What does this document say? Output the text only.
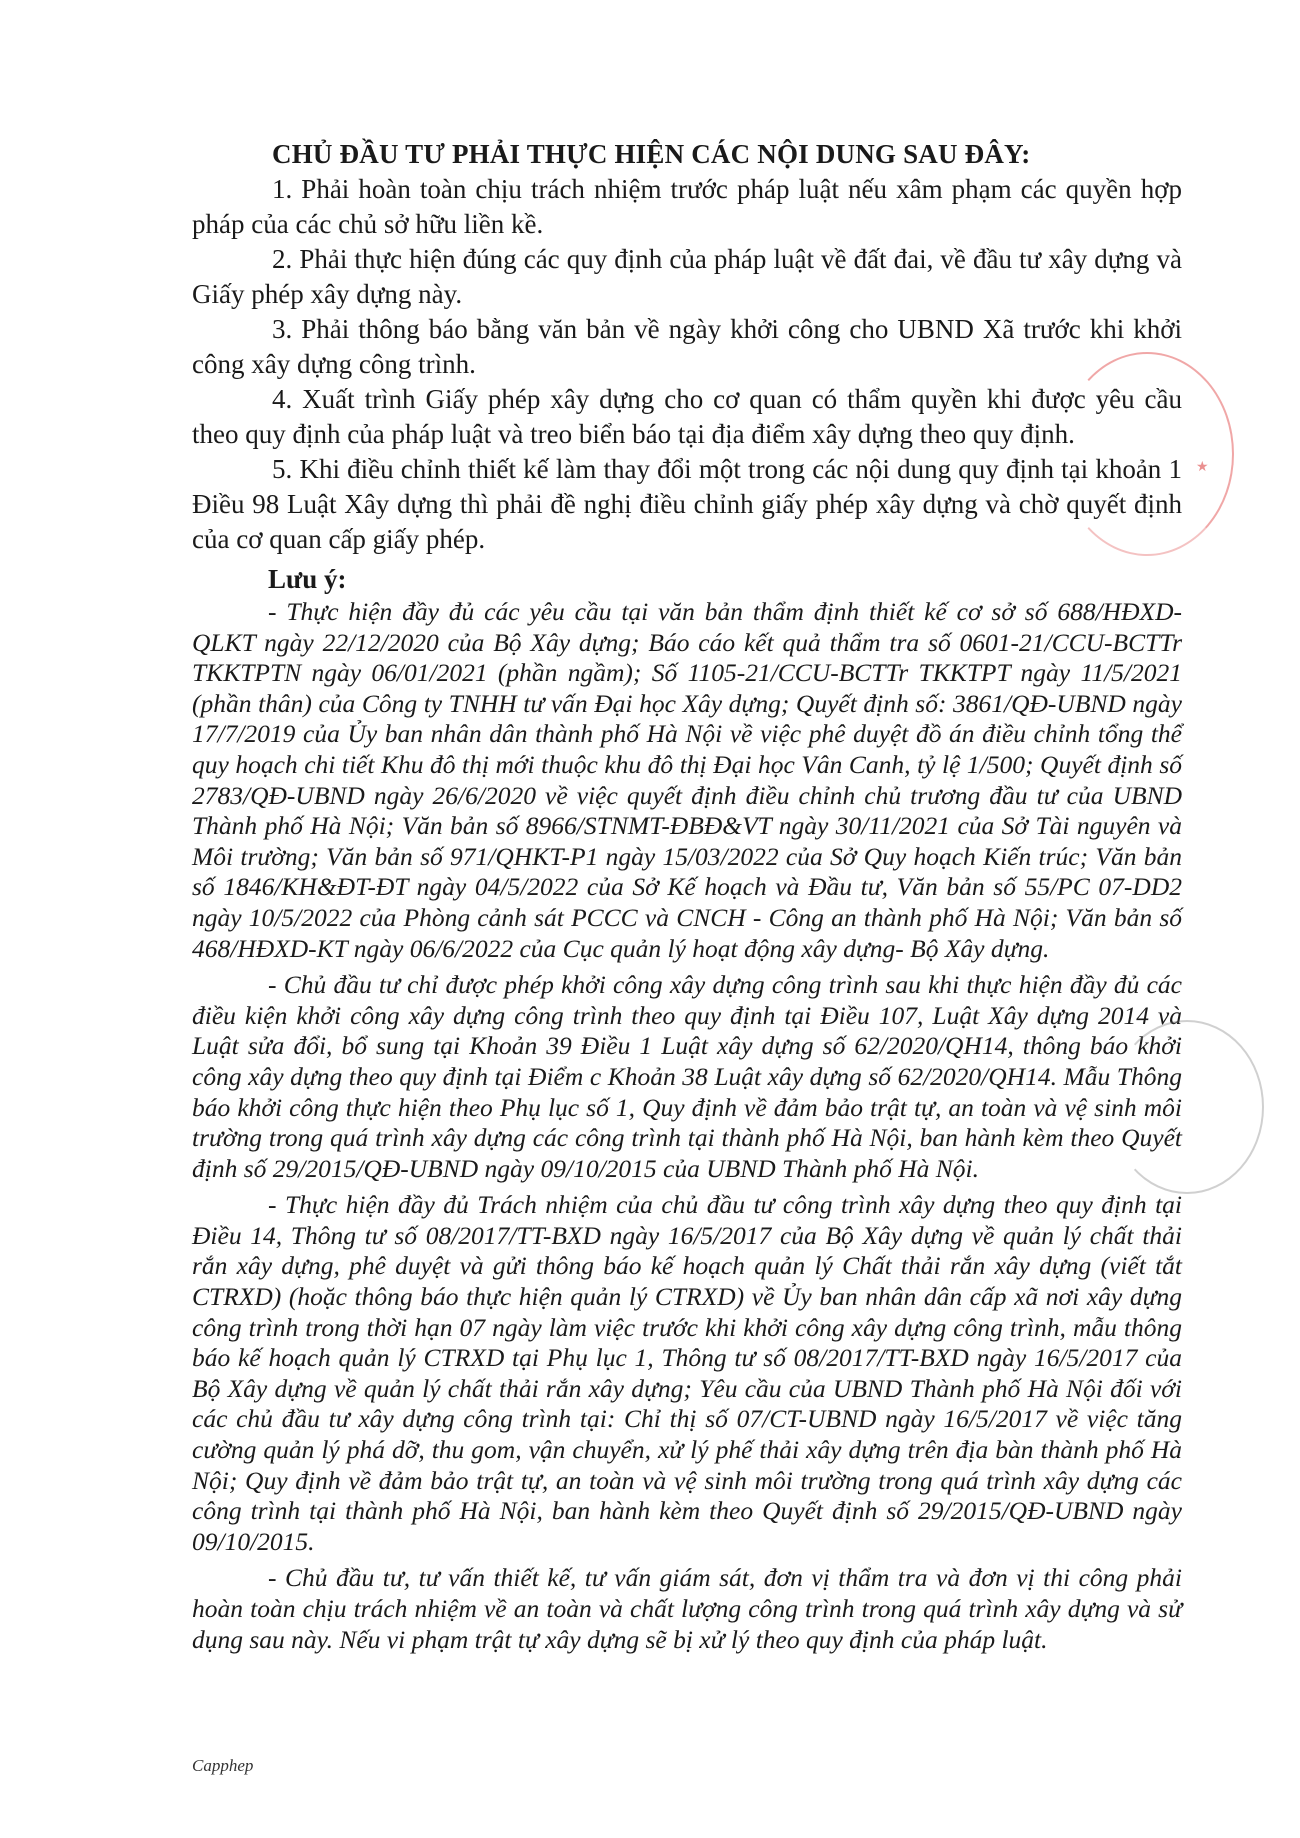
CHỦ ĐẦU TƯ PHẢI THỰC HIỆN CÁC NỘI DUNG SAU ĐÂY:

1. Phải hoàn toàn chịu trách nhiệm trước pháp luật nếu xâm phạm các quyền hợp pháp của các chủ sở hữu liền kề.

2. Phải thực hiện đúng các quy định của pháp luật về đất đai, về đầu tư xây dựng và Giấy phép xây dựng này.

3. Phải thông báo bằng văn bản về ngày khởi công cho UBND Xã trước khi khởi công xây dựng công trình.

4. Xuất trình Giấy phép xây dựng cho cơ quan có thẩm quyền khi được yêu cầu theo quy định của pháp luật và treo biển báo tại địa điểm xây dựng theo quy định.

5. Khi điều chỉnh thiết kế làm thay đổi một trong các nội dung quy định tại khoản 1 Điều 98 Luật Xây dựng thì phải đề nghị điều chỉnh giấy phép xây dựng và chờ quyết định của cơ quan cấp giấy phép.

Lưu ý:

- Thực hiện đầy đủ các yêu cầu tại văn bản thẩm định thiết kế cơ sở số 688/HĐXD-QLKT ngày 22/12/2020 của Bộ Xây dựng; Báo cáo kết quả thẩm tra số 0601-21/CCU-BCTTr TKKTPTN ngày 06/01/2021 (phần ngầm); Số 1105-21/CCU-BCTTr TKKTPT ngày 11/5/2021 (phần thân) của Công ty TNHH tư vấn Đại học Xây dựng; Quyết định số: 3861/QĐ-UBND ngày 17/7/2019 của Ủy ban nhân dân thành phố Hà Nội về việc phê duyệt đồ án điều chỉnh tổng thể quy hoạch chi tiết Khu đô thị mới thuộc khu đô thị Đại học Vân Canh, tỷ lệ 1/500; Quyết định số 2783/QĐ-UBND ngày 26/6/2020 về việc quyết định điều chỉnh chủ trương đầu tư của UBND Thành phố Hà Nội; Văn bản số 8966/STNMT-ĐBĐ&VT ngày 30/11/2021 của Sở Tài nguyên và Môi trường; Văn bản số 971/QHKT-P1 ngày 15/03/2022 của Sở Quy hoạch Kiến trúc; Văn bản số 1846/KH&ĐT-ĐT ngày 04/5/2022 của Sở Kế hoạch và Đầu tư, Văn bản số 55/PC 07-DD2 ngày 10/5/2022 của Phòng cảnh sát PCCC và CNCH - Công an thành phố Hà Nội; Văn bản số 468/HĐXD-KT ngày 06/6/2022 của Cục quản lý hoạt động xây dựng- Bộ Xây dựng.

- Chủ đầu tư chỉ được phép khởi công xây dựng công trình sau khi thực hiện đầy đủ các điều kiện khởi công xây dựng công trình theo quy định tại Điều 107, Luật Xây dựng 2014 và Luật sửa đổi, bổ sung tại Khoản 39 Điều 1 Luật xây dựng số 62/2020/QH14, thông báo khởi công xây dựng theo quy định tại Điểm c Khoản 38 Luật xây dựng số 62/2020/QH14. Mẫu Thông báo khởi công thực hiện theo Phụ lục số 1, Quy định về đảm bảo trật tự, an toàn và vệ sinh môi trường trong quá trình xây dựng các công trình tại thành phố Hà Nội, ban hành kèm theo Quyết định số 29/2015/QĐ-UBND ngày 09/10/2015 của UBND Thành phố Hà Nội.

- Thực hiện đầy đủ Trách nhiệm của chủ đầu tư công trình xây dựng theo quy định tại Điều 14, Thông tư số 08/2017/TT-BXD ngày 16/5/2017 của Bộ Xây dựng về quản lý chất thải rắn xây dựng, phê duyệt và gửi thông báo kế hoạch quản lý Chất thải rắn xây dựng (viết tắt CTRXD) (hoặc thông báo thực hiện quản lý CTRXD) về Ủy ban nhân dân cấp xã nơi xây dựng công trình trong thời hạn 07 ngày làm việc trước khi khởi công xây dựng công trình, mẫu thông báo kế hoạch quản lý CTRXD tại Phụ lục 1, Thông tư số 08/2017/TT-BXD ngày 16/5/2017 của Bộ Xây dựng về quản lý chất thải rắn xây dựng; Yêu cầu của UBND Thành phố Hà Nội đối với các chủ đầu tư xây dựng công trình tại: Chỉ thị số 07/CT-UBND ngày 16/5/2017 về việc tăng cường quản lý phá dỡ, thu gom, vận chuyển, xử lý phế thải xây dựng trên địa bàn thành phố Hà Nội; Quy định về đảm bảo trật tự, an toàn và vệ sinh môi trường trong quá trình xây dựng các công trình tại thành phố Hà Nội, ban hành kèm theo Quyết định số 29/2015/QĐ-UBND ngày 09/10/2015.

- Chủ đầu tư, tư vấn thiết kế, tư vấn giám sát, đơn vị thẩm tra và đơn vị thi công phải hoàn toàn chịu trách nhiệm về an toàn và chất lượng công trình trong quá trình xây dựng và sử dụng sau này. Nếu vi phạm trật tự xây dựng sẽ bị xử lý theo quy định của pháp luật.

★
Capphep
